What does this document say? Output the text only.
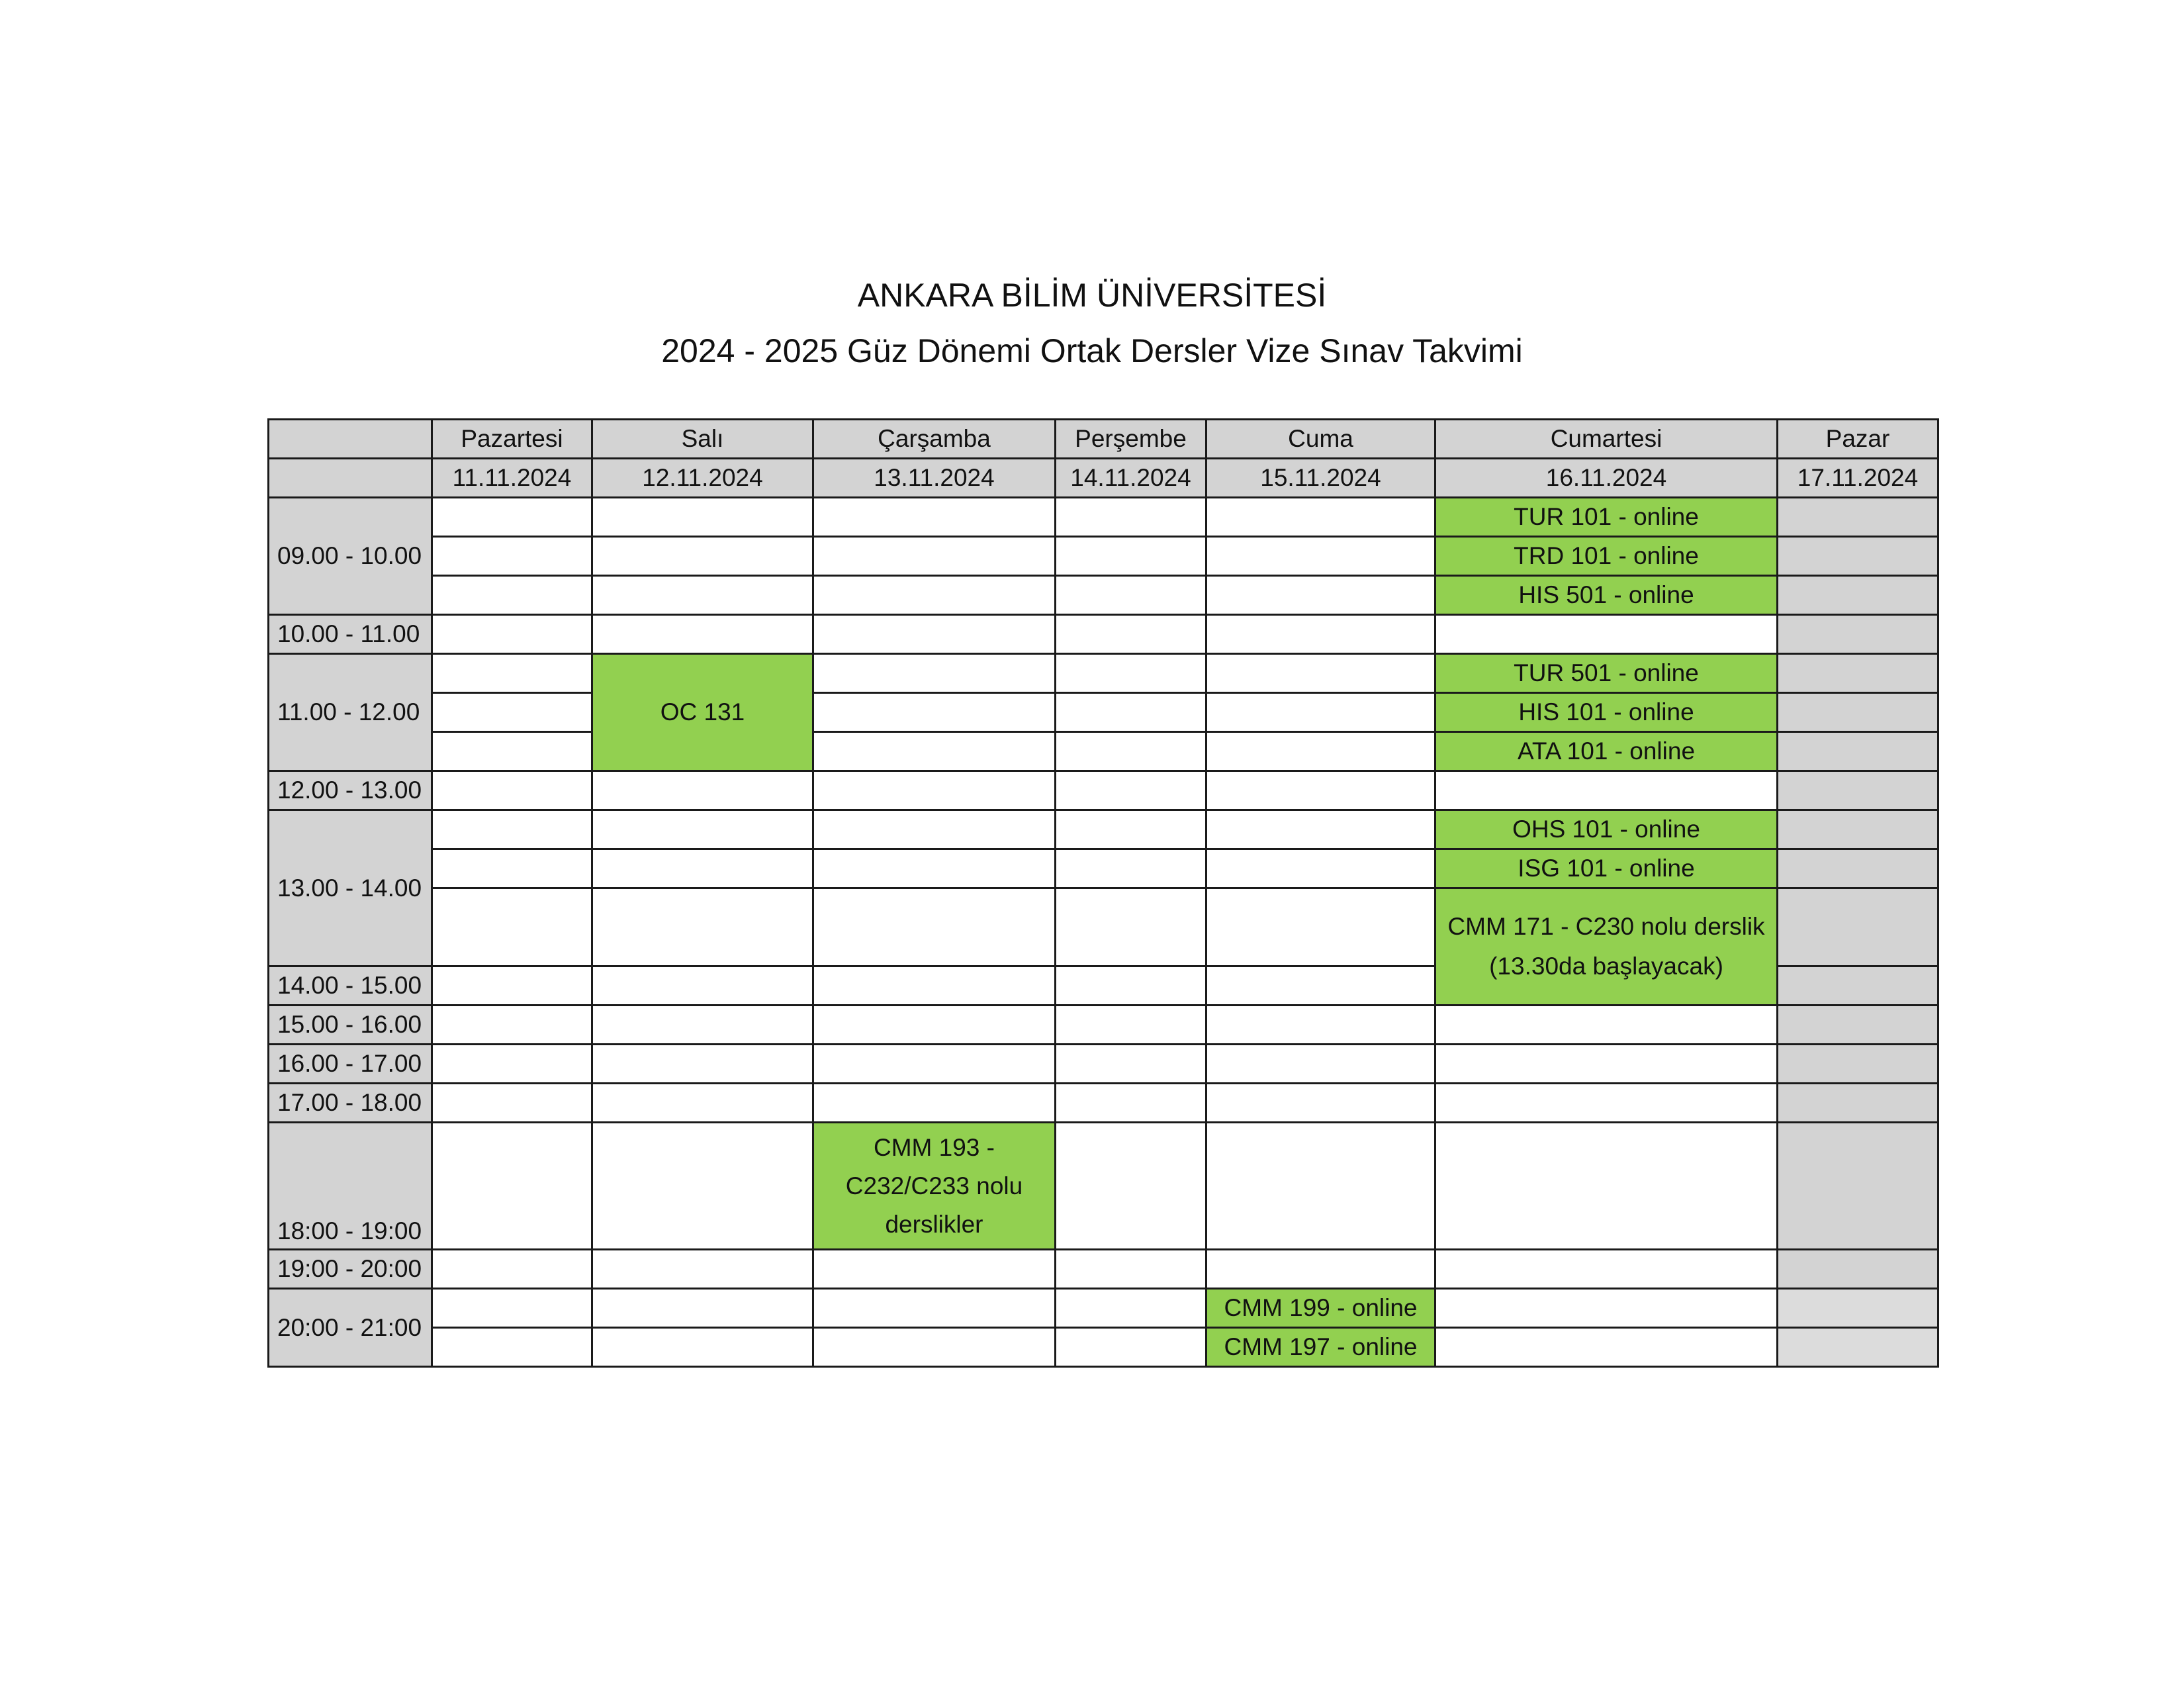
ANKARA BİLİM ÜNİVERSİTESİ
2024 - 2025 Güz Dönemi Ortak Dersler Vize Sınav Takvimi
	Pazartesi	Salı	Çarşamba	Perşembe	Cuma	Cumartesi	Pazar
	11.11.2024	12.11.2024	13.11.2024	14.11.2024	15.11.2024	16.11.2024	17.11.2024
09.00 - 10.00						TUR 101 - online	
						TRD 101 - online	
						HIS 501 - online	
10.00 - 11.00							
11.00 - 12.00		OC 131				TUR 501 - online	
						HIS 101 - online	
						ATA 101 - online	
12.00 - 13.00							
13.00 - 14.00						OHS 101 - online	
						ISG 101 - online	
						CMM 171 - C230 nolu derslik
(13.30da başlayacak)	
14.00 - 15.00							
15.00 - 16.00							
16.00 - 17.00							
17.00 - 18.00							
18:00 - 19:00			CMM 193 - C232/C233 nolu derslikler				
19:00 - 20:00							
20:00 - 21:00					CMM 199 - online		
					CMM 197 - online		
